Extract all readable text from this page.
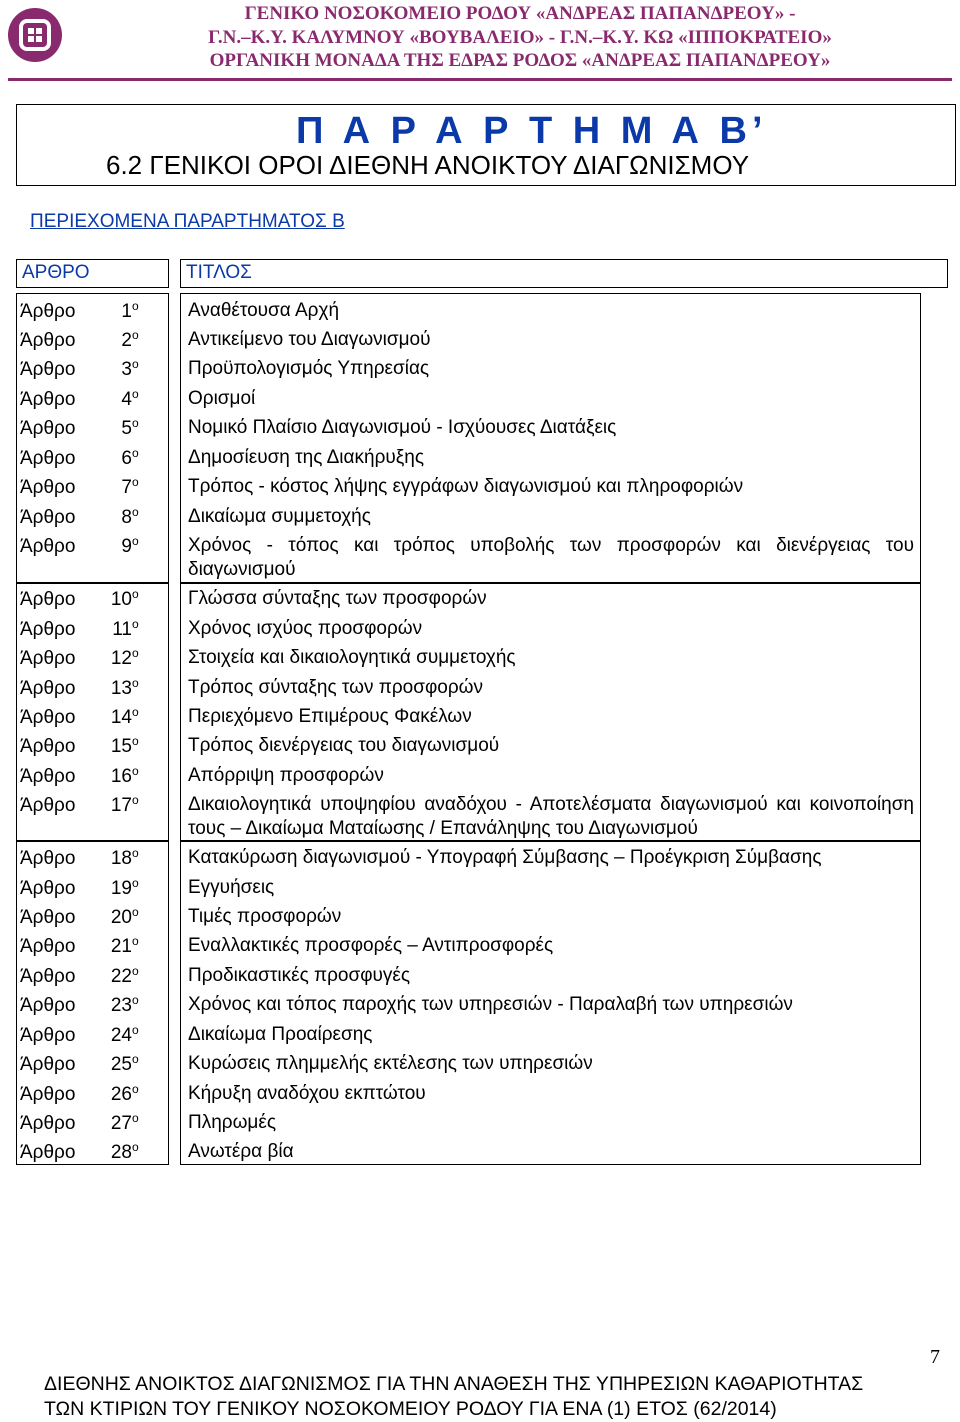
ΓΕΝΙΚΟ ΝΟΣΟΚΟΜΕΙΟ ΡΟΔΟΥ «ΑΝΔΡΕΑΣ ΠΑΠΑΝΔΡΕΟΥ» -
Γ.Ν.–Κ.Υ. ΚΑΛΥΜΝΟΥ «ΒΟΥΒΑΛΕΙΟ» - Γ.Ν.–Κ.Υ. ΚΩ «ΙΠΠΟΚΡΑΤΕΙΟ»
ΟΡΓΑΝΙΚΗ ΜΟΝΑΔΑ ΤΗΣ ΕΔΡΑΣ ΡΟΔΟΣ «ΑΝΔΡΕΑΣ ΠΑΠΑΝΔΡΕΟΥ»
Π Α Ρ Α Ρ Τ Η Μ Α Β’
6.2 ΓΕΝΙΚΟΙ ΟΡΟΙ ΔΙΕΘΝΗ ΑΝΟΙΚΤΟΥ ΔΙΑΓΩΝΙΣΜΟΥ
ΠΕΡΙΕΧΟΜΕΝΑ ΠΑΡΑΡΤΗΜΑΤΟΣ Β
ΑΡΘΡΟ	ΤΙΤΛΟΣ
Άρθρο $1^o$	Αναθέτουσα Αρχή
Άρθρο $2^o$	Αντικείμενο του Διαγωνισμού
Άρθρο $3^o$	Προϋπολογισμός Υπηρεσίας
Άρθρο $4^o$	Ορισμοί
Άρθρο $5^o$	Νομικό Πλαίσιο Διαγωνισμού - Ισχύουσες Διατάξεις
Άρθρο $6^o$	Δημοσίευση της Διακήρυξης
Άρθρο $7^o$	Τρόπος - κόστος λήψης εγγράφων διαγωνισμού και πληροφοριών
Άρθρο $8^o$	Δικαίωμα συμμετοχής
Άρθρο $9^o$	Χρόνος - τόπος και τρόπος υποβολής των προσφορών και διενέργειας του διαγωνισμού
Άρθρο $10^o$	Γλώσσα σύνταξης των προσφορών
Άρθρο $11^o$	Χρόνος ισχύος προσφορών
Άρθρο $12^o$	Στοιχεία και δικαιολογητικά συμμετοχής
Άρθρο $13^o$	Τρόπος σύνταξης των προσφορών
Άρθρο $14^o$	Περιεχόμενο Επιμέρους Φακέλων
Άρθρο $15^o$	Τρόπος διενέργειας του διαγωνισμού
Άρθρο $16^o$	Απόρριψη προσφορών
Άρθρο $17^o$	Δικαιολογητικά υποψηφίου αναδόχου - Αποτελέσματα διαγωνισμού και κοινοποίηση τους – Δικαίωμα Ματαίωσης / Επανάληψης του Διαγωνισμού
Άρθρο $18^o$	Κατακύρωση διαγωνισμού - Υπογραφή Σύμβασης – Προέγκριση Σύμβασης
Άρθρο $19^o$	Εγγυήσεις
Άρθρο $20^o$	Τιμές προσφορών
Άρθρο $21^o$	Εναλλακτικές προσφορές – Αντιπροσφορές
Άρθρο $22^o$	Προδικαστικές προσφυγές
Άρθρο $23^o$	Χρόνος και τόπος παροχής των υπηρεσιών - Παραλαβή των υπηρεσιών
Άρθρο $24^o$	Δικαίωμα Προαίρεσης
Άρθρο $25^o$	Κυρώσεις πλημμελής εκτέλεσης των υπηρεσιών
Άρθρο $26^o$	Κήρυξη αναδόχου εκπτώτου
Άρθρο $27^o$	Πληρωμές
Άρθρο $28^o$	Ανωτέρα βία
7
ΔΙΕΘΝΗΣ ΑΝΟΙΚΤΟΣ ΔΙΑΓΩΝΙΣΜΟΣ ΓΙΑ ΤΗΝ ΑΝΑΘΕΣΗ ΤΗΣ ΥΠΗΡΕΣΙΩΝ ΚΑΘΑΡΙΟΤΗΤΑΣ
ΤΩΝ ΚΤΙΡΙΩΝ ΤΟΥ ΓΕΝΙΚΟΥ ΝΟΣΟΚΟΜΕΙΟΥ ΡΟΔΟΥ ΓΙΑ ΕΝΑ (1) ΕΤΟΣ (62/2014)
